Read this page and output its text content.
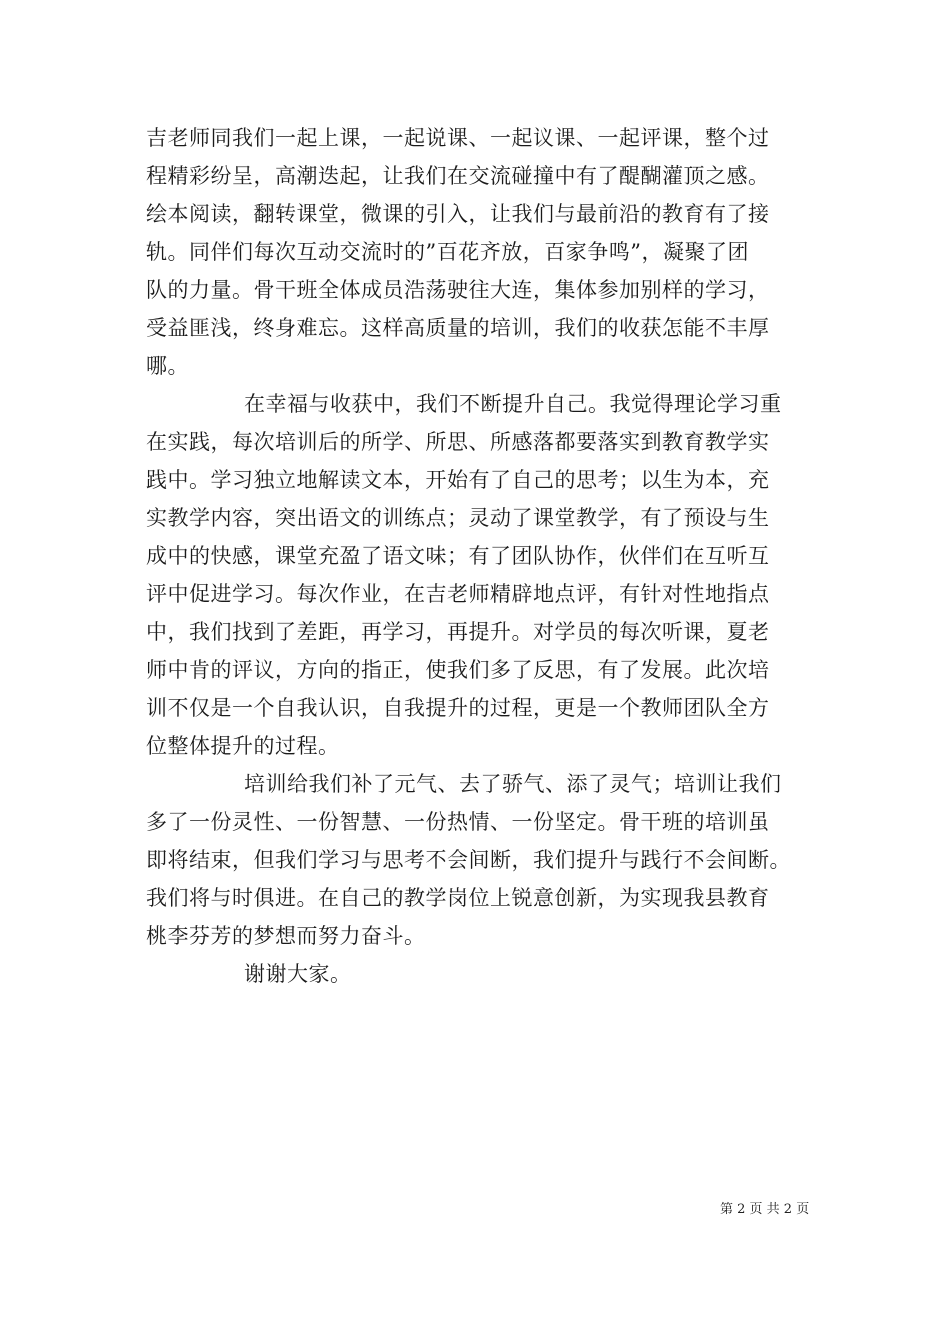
吉老师同我们一起上课，一起说课、一起议课、一起评课，整个过
程精彩纷呈，高潮迭起，让我们在交流碰撞中有了醍醐灌顶之感。
绘本阅读，翻转课堂，微课的引入，让我们与最前沿的教育有了接
轨。同伴们每次互动交流时的”百花齐放，百家争鸣”，凝聚了团
队的力量。骨干班全体成员浩荡驶往大连，集体参加别样的学习，
受益匪浅，终身难忘。这样高质量的培训，我们的收获怎能不丰厚
哪。
在幸福与收获中，我们不断提升自己。我觉得理论学习重
在实践，每次培训后的所学、所思、所感落都要落实到教育教学实
践中。学习独立地解读文本，开始有了自己的思考；以生为本，充
实教学内容，突出语文的训练点；灵动了课堂教学，有了预设与生
成中的快感，课堂充盈了语文味；有了团队协作，伙伴们在互听互
评中促进学习。每次作业，在吉老师精辟地点评，有针对性地指点
中，我们找到了差距，再学习，再提升。对学员的每次听课，夏老
师中肯的评议，方向的指正，使我们多了反思，有了发展。此次培
训不仅是一个自我认识，自我提升的过程，更是一个教师团队全方
位整体提升的过程。
培训给我们补了元气、去了骄气、添了灵气；培训让我们
多了一份灵性、一份智慧、一份热情、一份坚定。骨干班的培训虽
即将结束，但我们学习与思考不会间断，我们提升与践行不会间断。
我们将与时俱进。在自己的教学岗位上锐意创新，为实现我县教育
桃李芬芳的梦想而努力奋斗。
谢谢大家。
第 2 页 共 2 页
